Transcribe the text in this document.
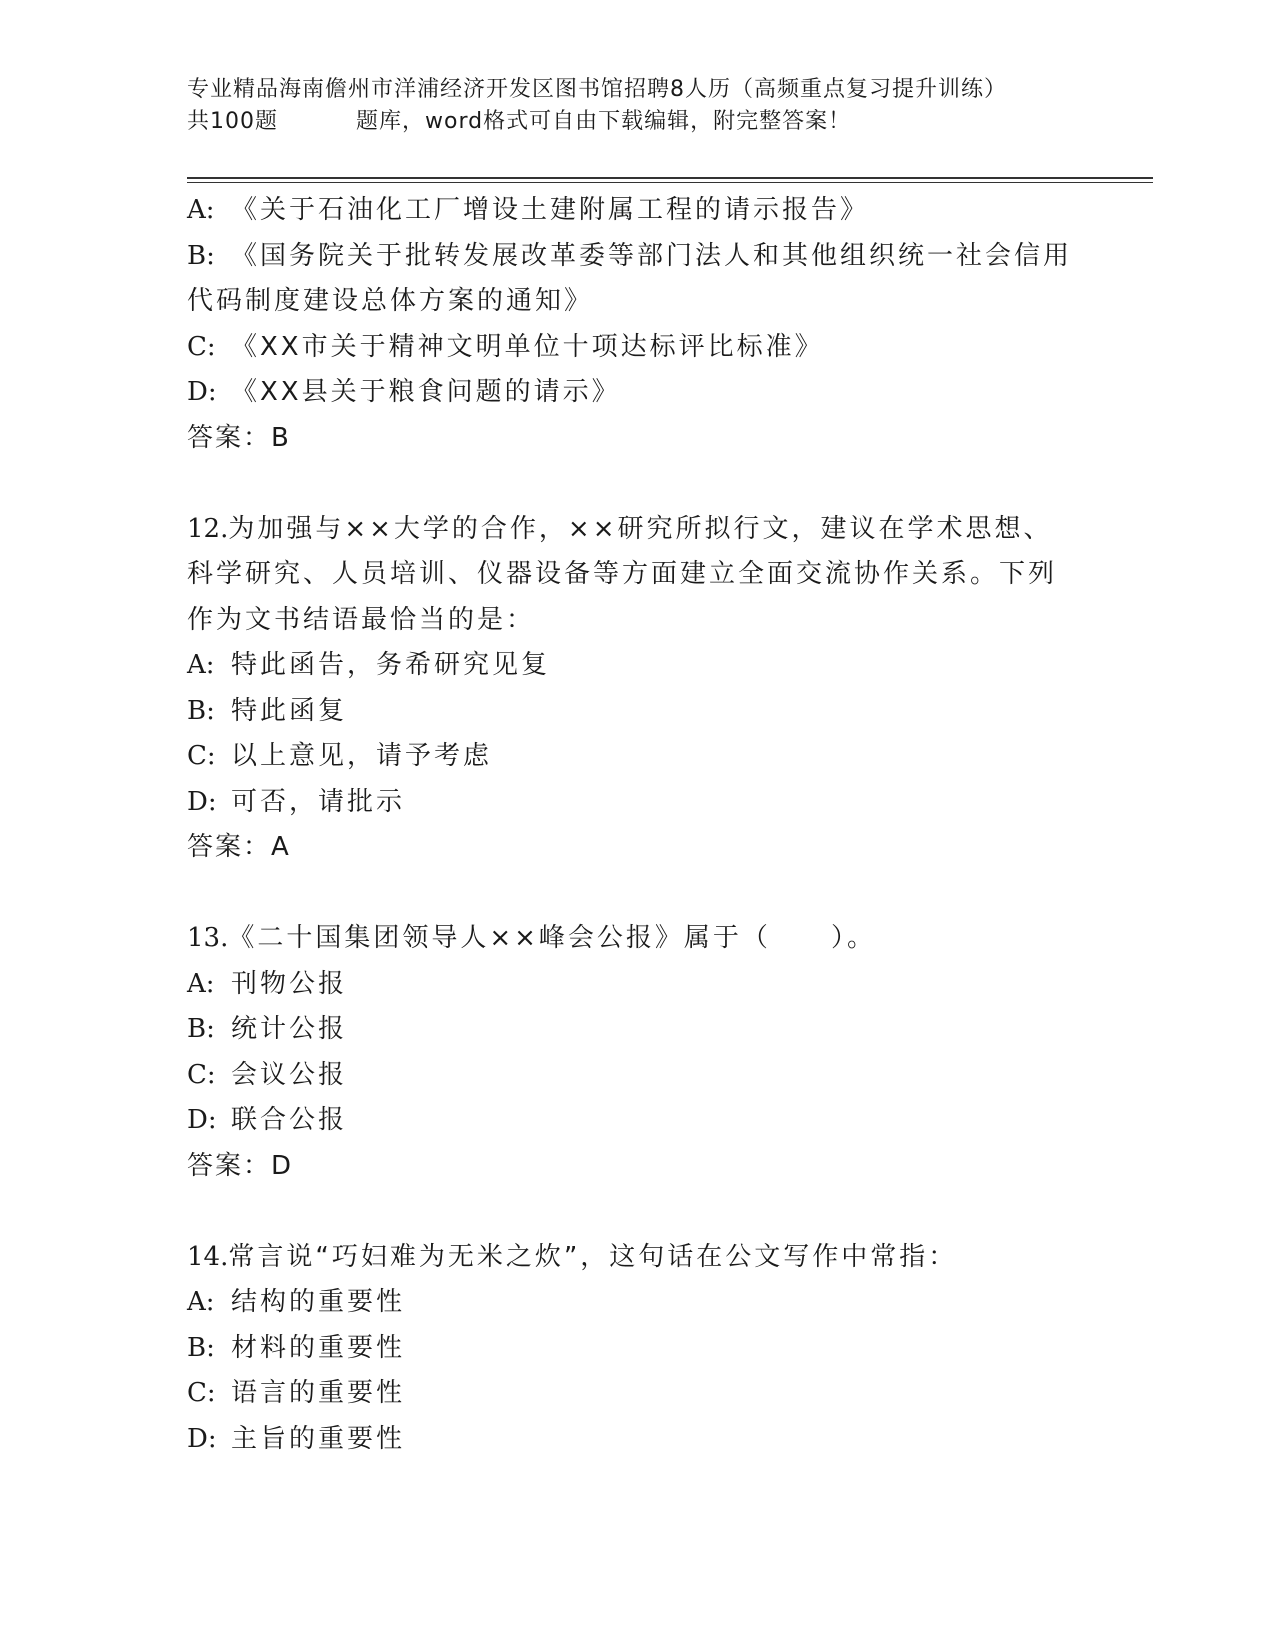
专业精品海南儋州市洋浦经济开发区图书馆招聘8人历（高频重点复习提升训练）
共100题	题库，word格式可自由下载编辑，附完整答案！
A: 《关于石油化工厂增设土建附属工程的请示报告》
B: 《国务院关于批转发展改革委等部门法人和其他组织统一社会信用
代码制度建设总体方案的通知》
C: 《XX市关于精神文明单位十项达标评比标准》
D: 《XX县关于粮食问题的请示》
答案：B
12.为加强与××大学的合作，××研究所拟行文，建议在学术思想、
科学研究、人员培训、仪器设备等方面建立全面交流协作关系。下列
作为文书结语最恰当的是：
A: 特此函告，务希研究见复
B: 特此函复
C: 以上意见，请予考虑
D: 可否，请批示
答案：A
13.《二十国集团领导人××峰会公报》属于（ ）。
A: 刊物公报
B: 统计公报
C: 会议公报
D: 联合公报
答案：D
14.常言说“巧妇难为无米之炊”，这句话在公文写作中常指：
A: 结构的重要性
B: 材料的重要性
C: 语言的重要性
D: 主旨的重要性
